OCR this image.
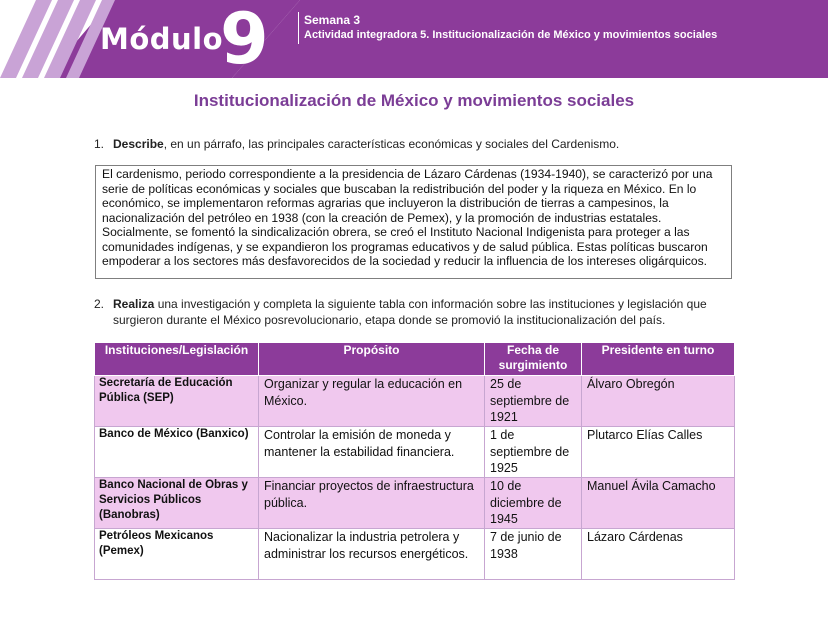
Módulo
9	Semana 3
Actividad integradora 5. Institucionalización de México y movimientos sociales
Institucionalización de México y movimientos sociales
1. Describe, en un párrafo, las principales características económicas y sociales del Cardenismo.
El cardenismo, periodo correspondiente a la presidencia de Lázaro Cárdenas (1934-1940), se caracterizó por una serie de políticas económicas y sociales que buscaban la redistribución del poder y la riqueza en México. En lo económico, se implementaron reformas agrarias que incluyeron la distribución de tierras a campesinos, la nacionalización del petróleo en 1938 (con la creación de Pemex), y la promoción de industrias estatales. Socialmente, se fomentó la sindicalización obrera, se creó el Instituto Nacional Indigenista para proteger a las comunidades indígenas, y se expandieron los programas educativos y de salud pública. Estas políticas buscaron empoderar a los sectores más desfavorecidos de la sociedad y reducir la influencia de los intereses oligárquicos.
2. Realiza una investigación y completa la siguiente tabla con información sobre las instituciones y legislación que surgieron durante el México posrevolucionario, etapa donde se promovió la institucionalización del país.
Instituciones/Legislación	Propósito	Fecha de surgimiento	Presidente en turno
Secretaría de Educación Pública (SEP)	Organizar y regular la educación en México.	25 de septiembre de 1921	Álvaro Obregón
Banco de México (Banxico)	Controlar la emisión de moneda y mantener la estabilidad financiera.	1 de septiembre de 1925	Plutarco Elías Calles
Banco Nacional de Obras y Servicios Públicos (Banobras)	Financiar proyectos de infraestructura pública.	10 de diciembre de 1945	Manuel Ávila Camacho
Petróleos Mexicanos (Pemex)	Nacionalizar la industria petrolera y administrar los recursos energéticos.	7 de junio de 1938	Lázaro Cárdenas
